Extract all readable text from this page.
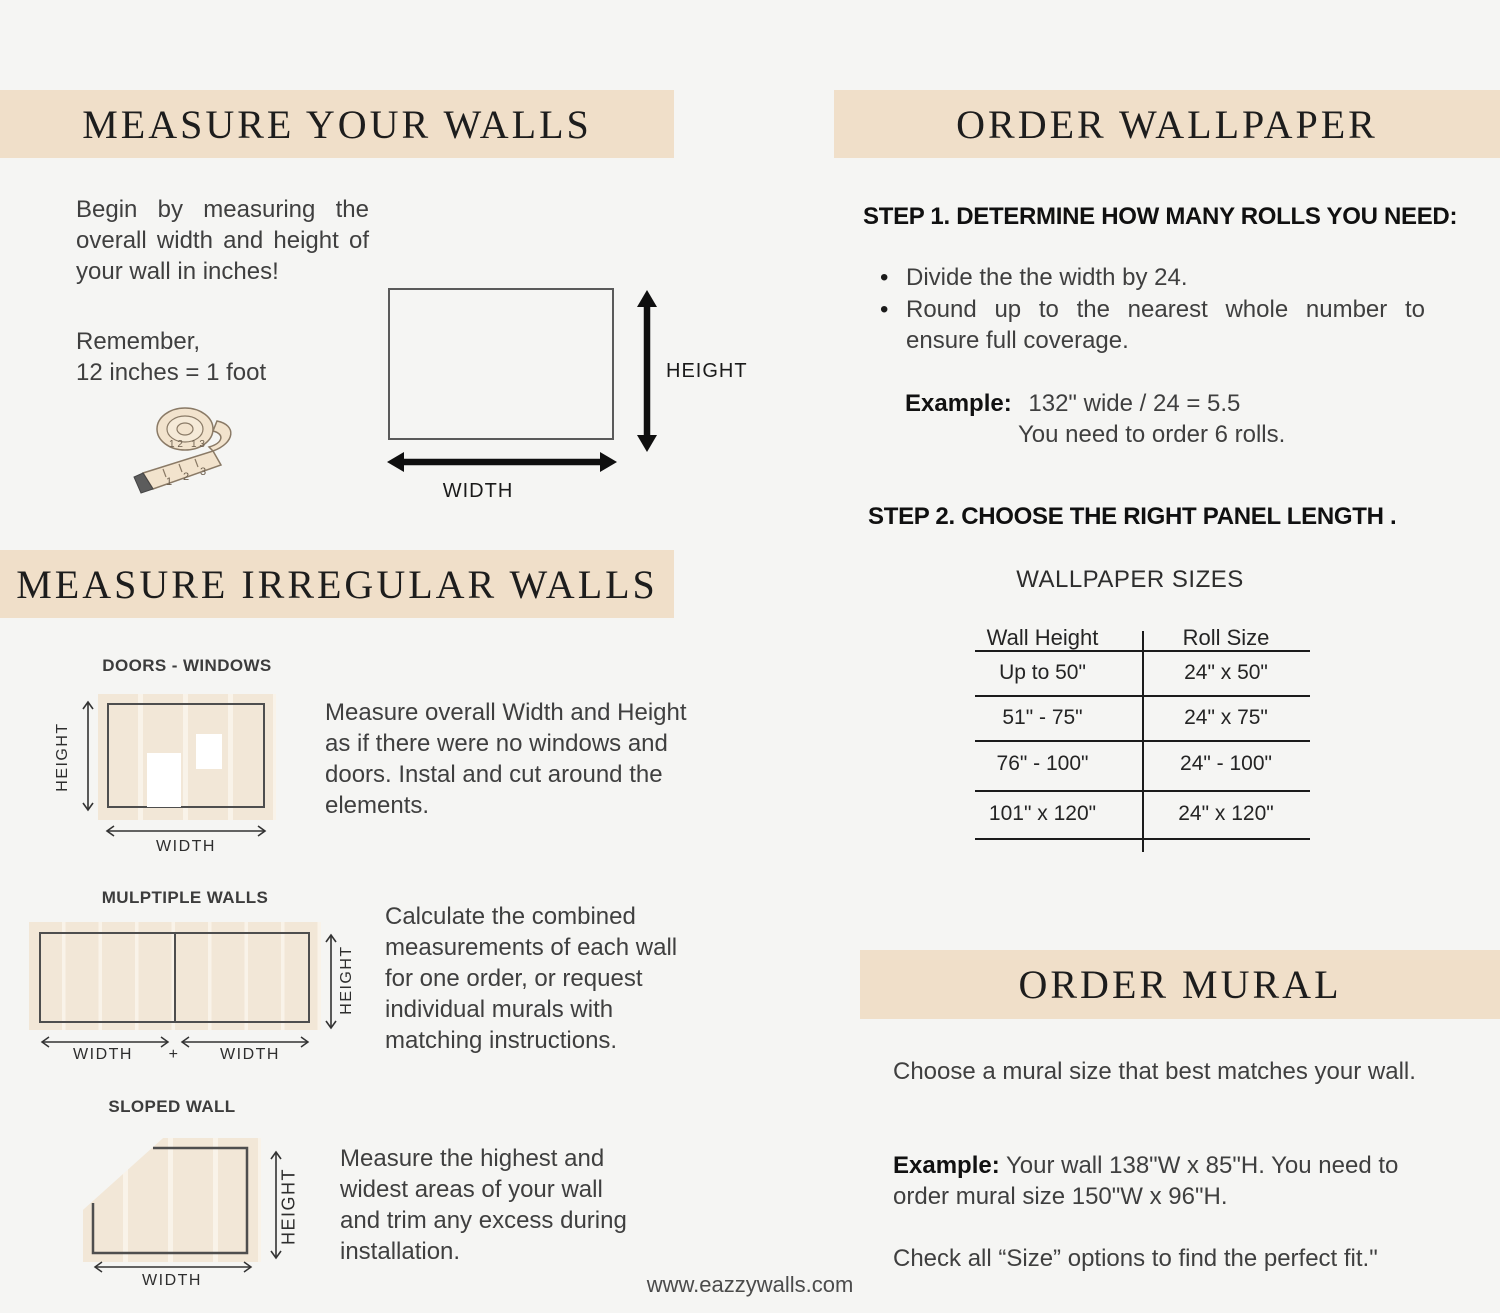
MEASURE YOUR WALLS
Begin by measuring the overall width and height of your wall in inches!
Remember,
12 inches = 1 foot
1 2 3
1 2 1 3
HEIGHT
WIDTH
MEASURE IRREGULAR WALLS
DOORS - WINDOWS
HEIGHT
WIDTH
Measure overall Width and Height as if there were no windows and doors. Instal and cut around the elements.
MULPTIPLE WALLS
HEIGHT
WIDTH	+	WIDTH
Calculate the combined measurements of each wall for one order, or request individual murals with matching instructions.
SLOPED WALL
HEIGHT
WIDTH
Measure the highest and widest areas of your wall and trim any excess during installation.
www.eazzywalls.com
ORDER WALLPAPER
STEP 1. DETERMINE HOW MANY ROLLS YOU NEED:
• Divide the the width by 24.
• Round up to the nearest whole number to ensure full coverage.
Example: 132" wide / 24 = 5.5
You need to order 6 rolls.
STEP 2. CHOOSE THE RIGHT PANEL LENGTH .
WALLPAPER SIZES
Wall Height	Roll Size
Up to 50"	24" x 50"
51" - 75"	24" x 75"
76" - 100"	24" - 100"
101" x 120"	24" x 120"
ORDER MURAL
Choose a mural size that best matches your wall.
Example: Your wall 138"W x 85"H. You need to order mural size 150"W x 96"H.
Check all “Size” options to find the perfect fit."
